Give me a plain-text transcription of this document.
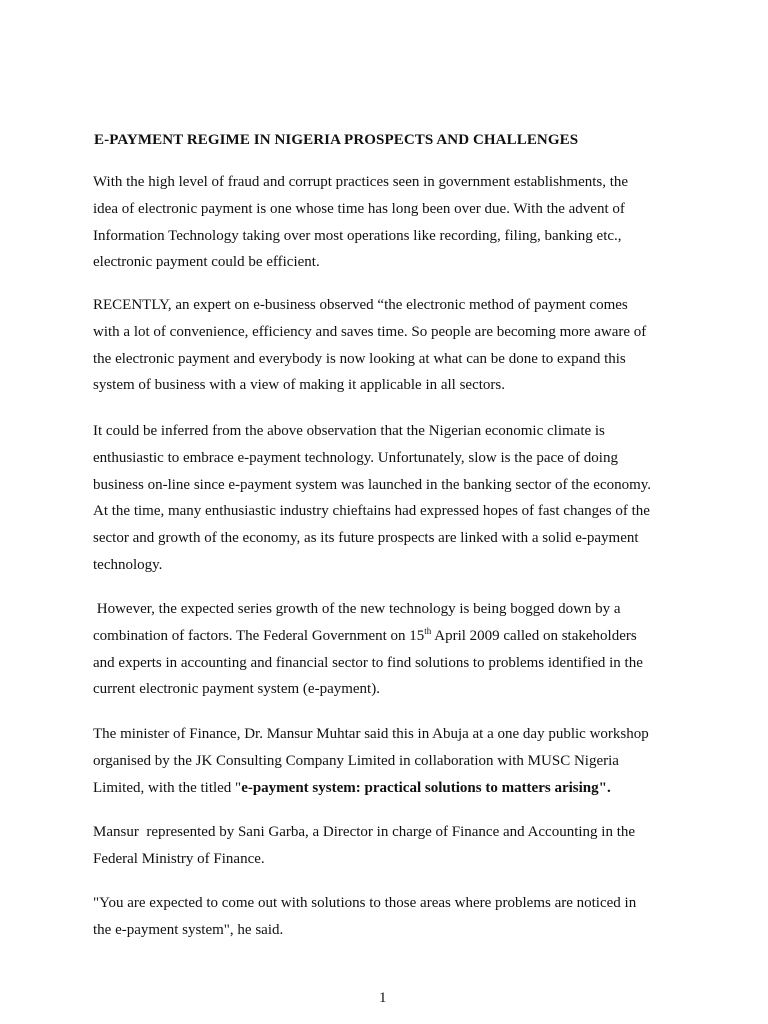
E-PAYMENT REGIME IN NIGERIA PROSPECTS AND CHALLENGES

With the high level of fraud and corrupt practices seen in government establishments, the
idea of electronic payment is one whose time has long been over due. With the advent of
Information Technology taking over most operations like recording, filing, banking etc.,
electronic payment could be efficient.

RECENTLY, an expert on e-business observed “the electronic method of payment comes
with a lot of convenience, efficiency and saves time. So people are becoming more aware of
the electronic payment and everybody is now looking at what can be done to expand this
system of business with a view of making it applicable in all sectors.

It could be inferred from the above observation that the Nigerian economic climate is
enthusiastic to embrace e-payment technology. Unfortunately, slow is the pace of doing
business on-line since e-payment system was launched in the banking sector of the economy.
At the time, many enthusiastic industry chieftains had expressed hopes of fast changes of the
sector and growth of the economy, as its future prospects are linked with a solid e-payment
technology.

However, the expected series growth of the new technology is being bogged down by a
combination of factors. The Federal Government on 15th April 2009 called on stakeholders
and experts in accounting and financial sector to find solutions to problems identified in the
current electronic payment system (e-payment).

The minister of Finance, Dr. Mansur Muhtar said this in Abuja at a one day public workshop
organised by the JK Consulting Company Limited in collaboration with MUSC Nigeria
Limited, with the titled "e-payment system: practical solutions to matters arising".

Mansur  represented by Sani Garba, a Director in charge of Finance and Accounting in the
Federal Ministry of Finance.

"You are expected to come out with solutions to those areas where problems are noticed in
the e-payment system", he said.

1
